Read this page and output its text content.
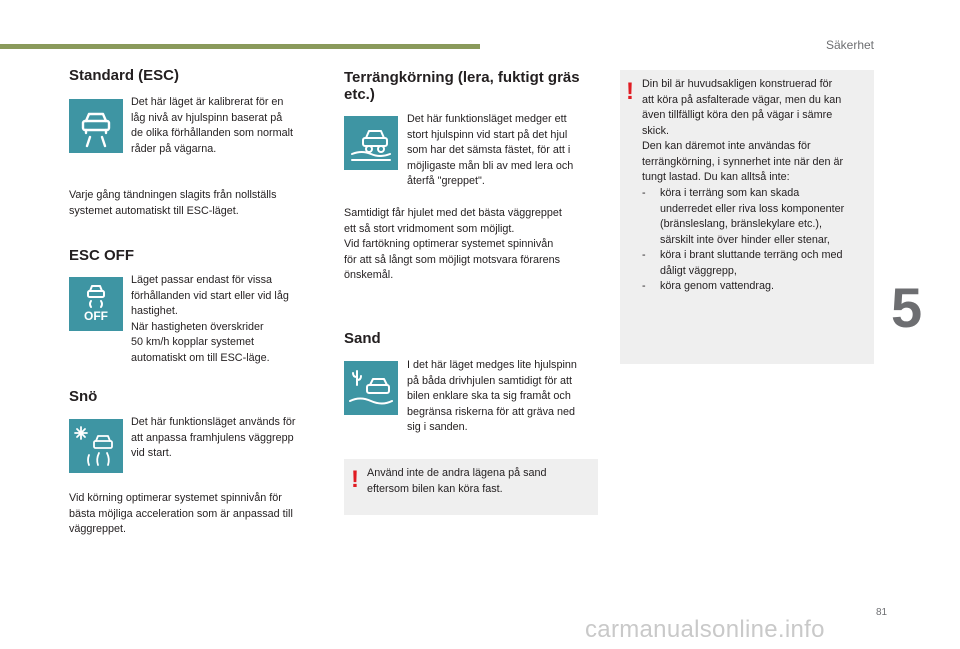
Säkerhet
5
81
carmanualsonline.info
Standard (ESC)

Det här läget är kalibrerat för en
låg nivå av hjulspinn baserat på
de olika förhållanden som normalt
råder på vägarna.

Varje gång tändningen slagits från nollställs
systemet automatiskt till ESC-läget.

ESC OFF
OFF

Läget passar endast för vissa
förhållanden vid start eller vid låg
hastighet.
När hastigheten överskrider
50 km/h kopplar systemet
automatiskt om till ESC-läge.

Snö

Det här funktionsläget används för
att anpassa framhjulens väggrepp
vid start.

Vid körning optimerar systemet spinnivån för
bästa möjliga acceleration som är anpassad till
väggreppet.

Terrängkörning (lera, fuktigt gräs
etc.)

Det här funktionsläget medger ett
stort hjulspinn vid start på det hjul
som har det sämsta fästet, för att i
möjligaste mån bli av med lera och
återfå "greppet".

Samtidigt får hjulet med det bästa väggreppet
ett så stort vridmoment som möjligt.
Vid fartökning optimerar systemet spinnivån
för att så långt som möjligt motsvara förarens
önskemål.

Sand

I det här läget medges lite hjulspinn
på båda drivhjulen samtidigt för att
bilen enklare ska ta sig framåt och
begränsa riskerna för att gräva ned
sig i sanden.

! Använd inte de andra lägena på sand
eftersom bilen kan köra fast.

! Din bil är huvudsakligen konstruerad för
att köra på asfalterade vägar, men du kan
även tillfälligt köra den på vägar i sämre
skick.
Den kan däremot inte användas för
terrängkörning, i synnerhet inte när den är
tungt lastad. Du kan alltså inte:

- köra i terräng som kan skada
underredet eller riva loss komponenter
(bränsleslang, bränslekylare etc.),
särskilt inte över hinder eller stenar,
- köra i brant sluttande terräng och med
dåligt väggrepp,
- köra genom vattendrag.
